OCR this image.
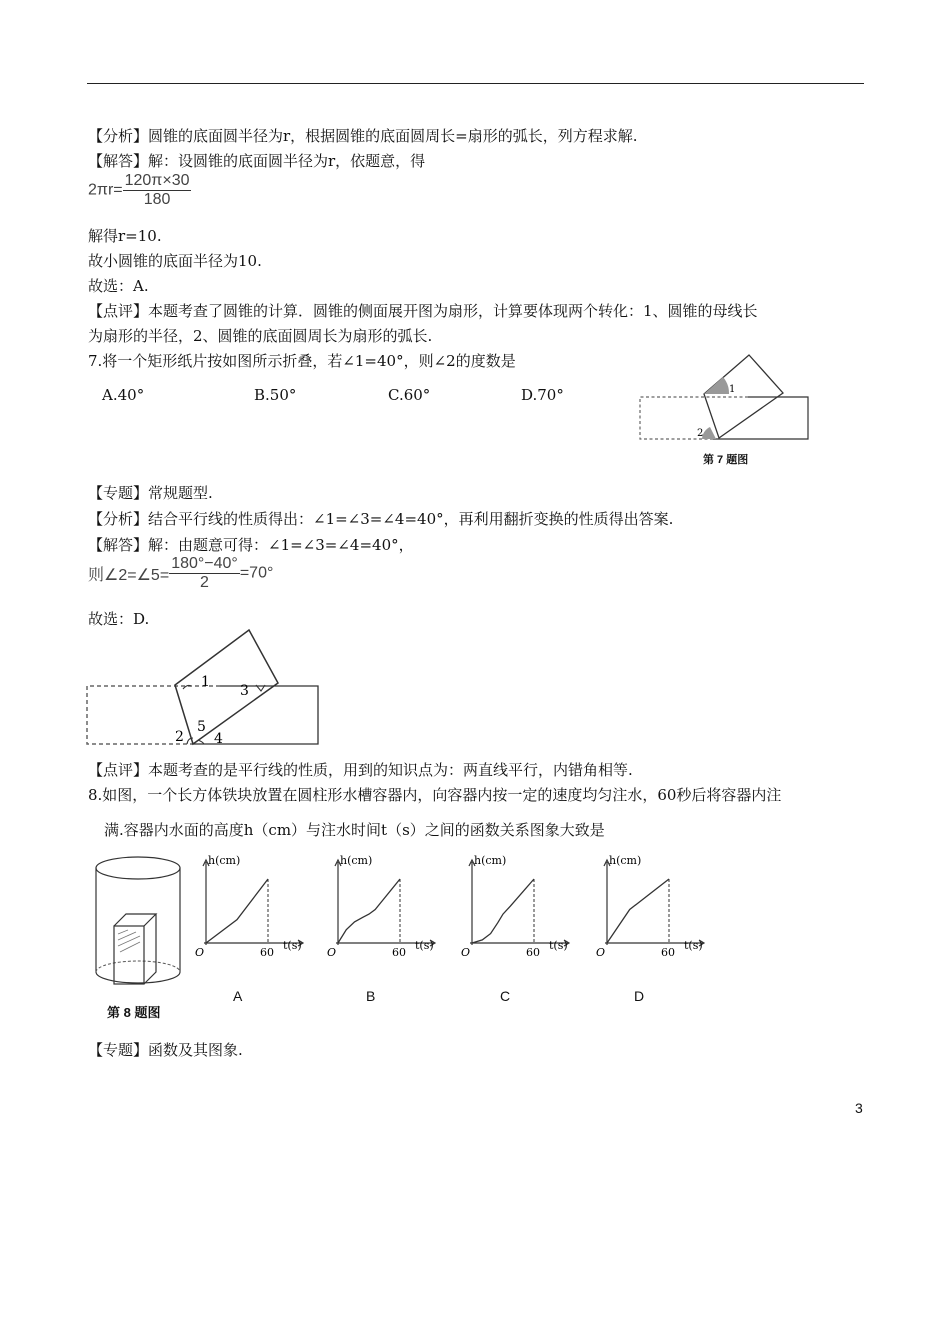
【分析】圆锥的底面圆半径为r，根据圆锥的底面圆周长=扇形的弧长，列方程求解.
【解答】解：设圆锥的底面圆半径为r，依题意，得
$2\pi r= \frac{120\pi\times 30}{180}$
解得r=10.
故小圆锥的底面半径为10.
故选：A.
【点评】本题考查了圆锥的计算．圆锥的侧面展开图为扇形，计算要体现两个转化：1、圆锥的母线长
为扇形的半径，2、圆锥的底面圆周长为扇形的弧长.
7.将一个矩形纸片按如图所示折叠，若∠1=40°，则∠2的度数是
A.40°	B.50°	C.60°	D.70°	1
2
第 7 题图
【专题】常规题型.
【分析】结合平行线的性质得出：∠1=∠3=∠4=40°，再利用翻折变换的性质得出答案.
【解答】解：由题意可得：∠1=∠3=∠4=40°，
则∠2=∠5= $\frac{180^\circ-40^\circ}{2} =70^\circ$
故选：D.
1
3
2
5
4
【点评】本题考查的是平行线的性质，用到的知识点为：两直线平行，内错角相等.
8.如图，一个长方体铁块放置在圆柱形水槽容器内，向容器内按一定的速度均匀注水，60秒后将容器内注
满.容器内水面的高度h（cm）与注水时间t（s）之间的函数关系图象大致是
第 8 题图
h(cm)
t(s)
O	60
A
h(cm)
t(s)
O	60
B
h(cm)
t(s)
O	60
C
h(cm)
t(s)
O	60
D
【专题】函数及其图象.
3
